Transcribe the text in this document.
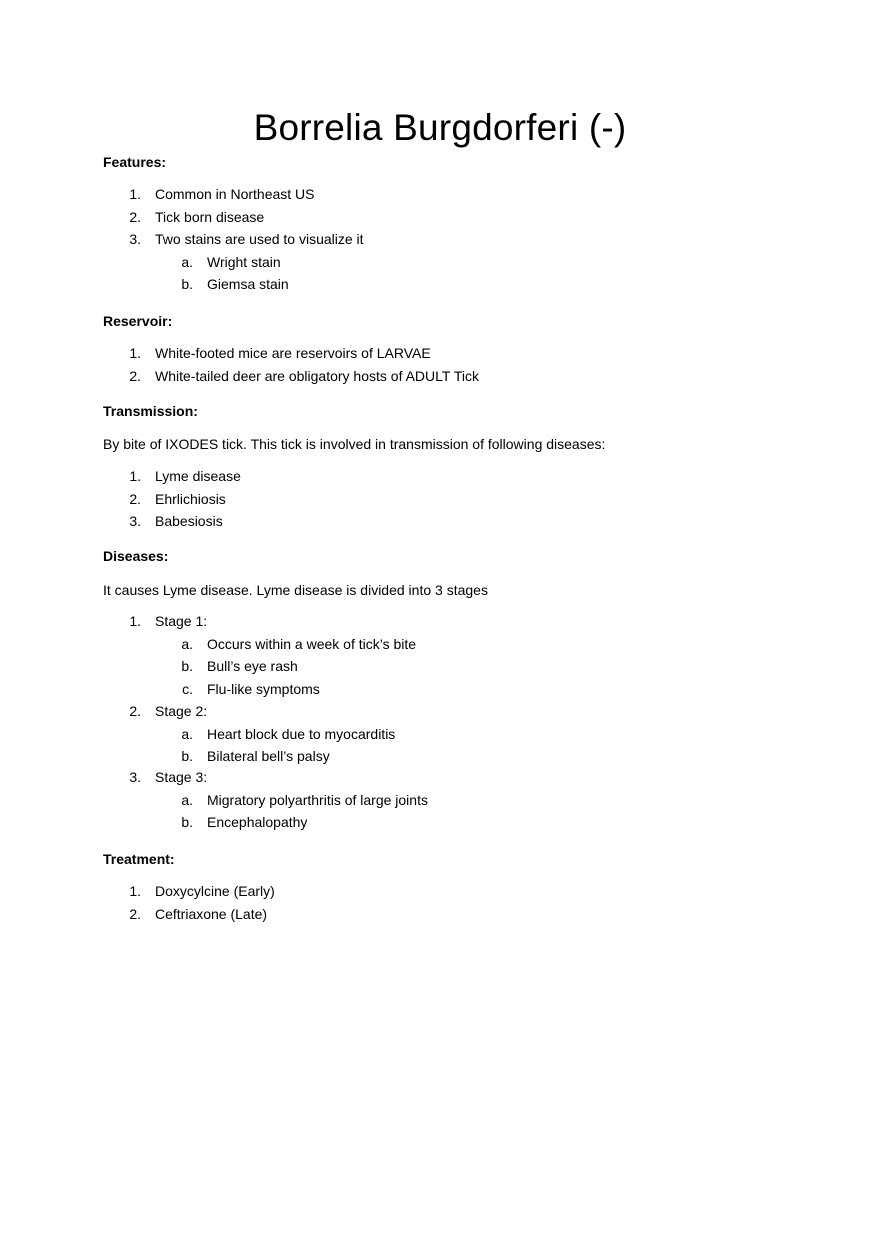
Borrelia Burgdorferi (-)
Features:
1. Common in Northeast US
2. Tick born disease
3. Two stains are used to visualize it
a. Wright stain
b. Giemsa stain
Reservoir:
1. White-footed mice are reservoirs of LARVAE
2. White-tailed deer are obligatory hosts of ADULT Tick
Transmission:
By bite of IXODES tick. This tick is involved in transmission of following diseases:
1. Lyme disease
2. Ehrlichiosis
3. Babesiosis
Diseases:
It causes Lyme disease. Lyme disease is divided into 3 stages
1. Stage 1:
a. Occurs within a week of tick’s bite
b. Bull’s eye rash
c. Flu-like symptoms
2. Stage 2:
a. Heart block due to myocarditis
b. Bilateral bell’s palsy
3. Stage 3:
a. Migratory polyarthritis of large joints
b. Encephalopathy
Treatment:
1. Doxycylcine (Early)
2. Ceftriaxone (Late)
